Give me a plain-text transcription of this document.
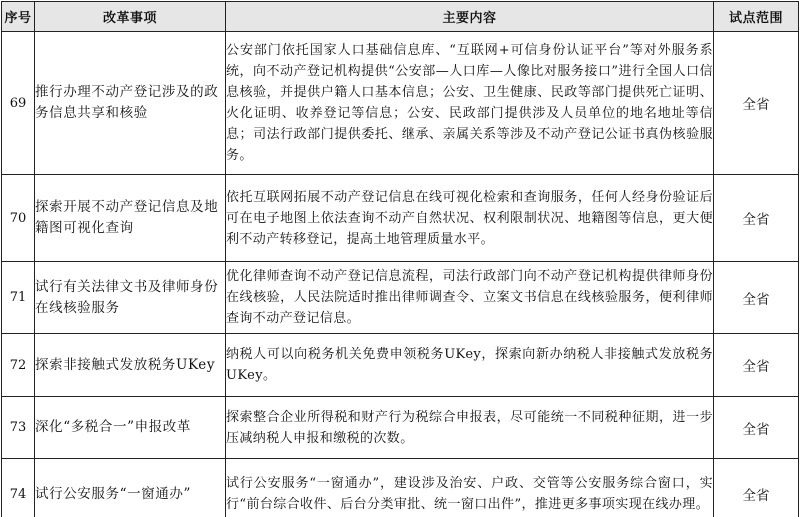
序号	改革事项	主要内容	试点范围
69	推行办理不动产登记涉及的政务信息共享和核验	公安部门依托国家人口基础信息库、“互联网+可信身份认证平台”等对外服务系统，向不动产登记机构提供“公安部—人口库—人像比对服务接口”进行全国人口信息核验，并提供户籍人口基本信息；公安、卫生健康、民政等部门提供死亡证明、火化证明、收养登记等信息；公安、民政部门提供涉及人员单位的地名地址等信息；司法行政部门提供委托、继承、亲属关系等涉及不动产登记公证书真伪核验服务。	全省
70	探索开展不动产登记信息及地籍图可视化查询	依托互联网拓展不动产登记信息在线可视化检索和查询服务，任何人经身份验证后可在电子地图上依法查询不动产自然状况、权利限制状况、地籍图等信息，更大便利不动产转移登记，提高土地管理质量水平。	全省
71	试行有关法律文书及律师身份在线核验服务	优化律师查询不动产登记信息流程，司法行政部门向不动产登记机构提供律师身份在线核验，人民法院适时推出律师调查令、立案文书信息在线核验服务，便利律师查询不动产登记信息。	全省
72	探索非接触式发放税务UKey	纳税人可以向税务机关免费申领税务UKey，探索向新办纳税人非接触式发放税务UKey。	全省
73	深化“多税合一”申报改革	探索整合企业所得税和财产行为税综合申报表，尽可能统一不同税种征期，进一步压减纳税人申报和缴税的次数。	全省
74	试行公安服务“一窗通办”	试行公安服务“一窗通办”，建设涉及治安、户政、交管等公安服务综合窗口，实行“前台综合收件、后台分类审批、统一窗口出件”，推进更多事项实现在线办理。	全省
